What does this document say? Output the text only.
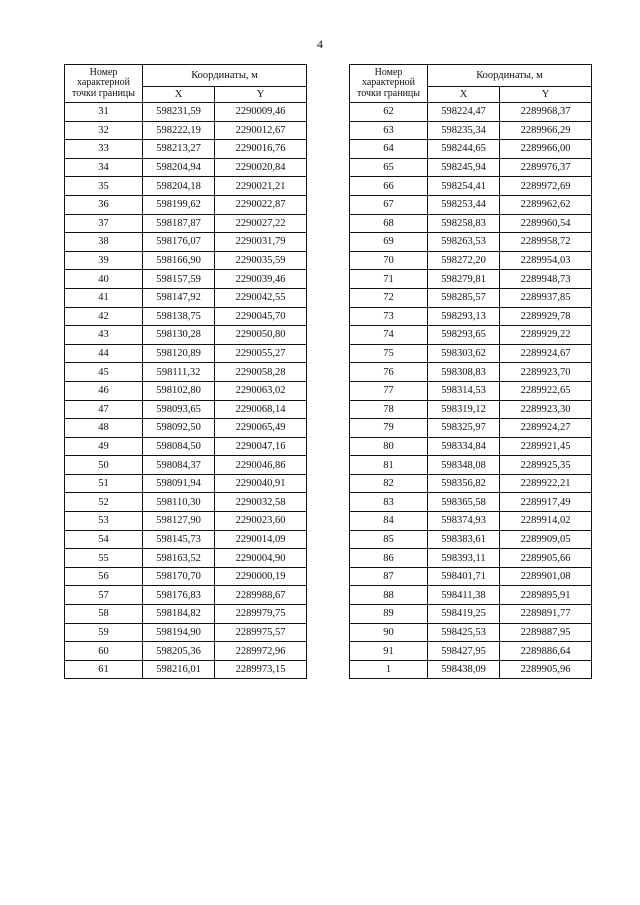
4
Номер характерной точки границы	Координаты, м	
	X	Y
31	598231,59	2290009,46
32	598222,19	2290012,67
33	598213,27	2290016,76
34	598204,94	2290020,84
35	598204,18	2290021,21
36	598199,62	2290022,87
37	598187,87	2290027,22
38	598176,07	2290031,79
39	598166,90	2290035,59
40	598157,59	2290039,46
41	598147,92	2290042,55
42	598138,75	2290045,70
43	598130,28	2290050,80
44	598120,89	2290055,27
45	598111,32	2290058,28
46	598102,80	2290063,02
47	598093,65	2290068,14
48	598092,50	2290065,49
49	598084,50	2290047,16
50	598084,37	2290046,86
51	598091,94	2290040,91
52	598110,30	2290032,58
53	598127,90	2290023,60
54	598145,73	2290014,09
55	598163,52	2290004,90
56	598170,70	2290000,19
57	598176,83	2289988,67
58	598184,82	2289979,75
59	598194,90	2289975,57
60	598205,36	2289972,96
61	598216,01	2289973,15
Номер характерной точки границы	Координаты, м	
	X	Y
62	598224,47	2289968,37
63	598235,34	2289966,29
64	598244,65	2289966,00
65	598245,94	2289976,37
66	598254,41	2289972,69
67	598253,44	2289962,62
68	598258,83	2289960,54
69	598263,53	2289958,72
70	598272,20	2289954,03
71	598279,81	2289948,73
72	598285,57	2289937,85
73	598293,13	2289929,78
74	598293,65	2289929,22
75	598303,62	2289924,67
76	598308,83	2289923,70
77	598314,53	2289922,65
78	598319,12	2289923,30
79	598325,97	2289924,27
80	598334,84	2289921,45
81	598348,08	2289925,35
82	598356,82	2289922,21
83	598365,58	2289917,49
84	598374,93	2289914,02
85	598383,61	2289909,05
86	598393,11	2289905,66
87	598401,71	2289901,08
88	598411,38	2289895,91
89	598419,25	2289891,77
90	598425,53	2289887,95
91	598427,95	2289886,64
1	598438,09	2289905,96
